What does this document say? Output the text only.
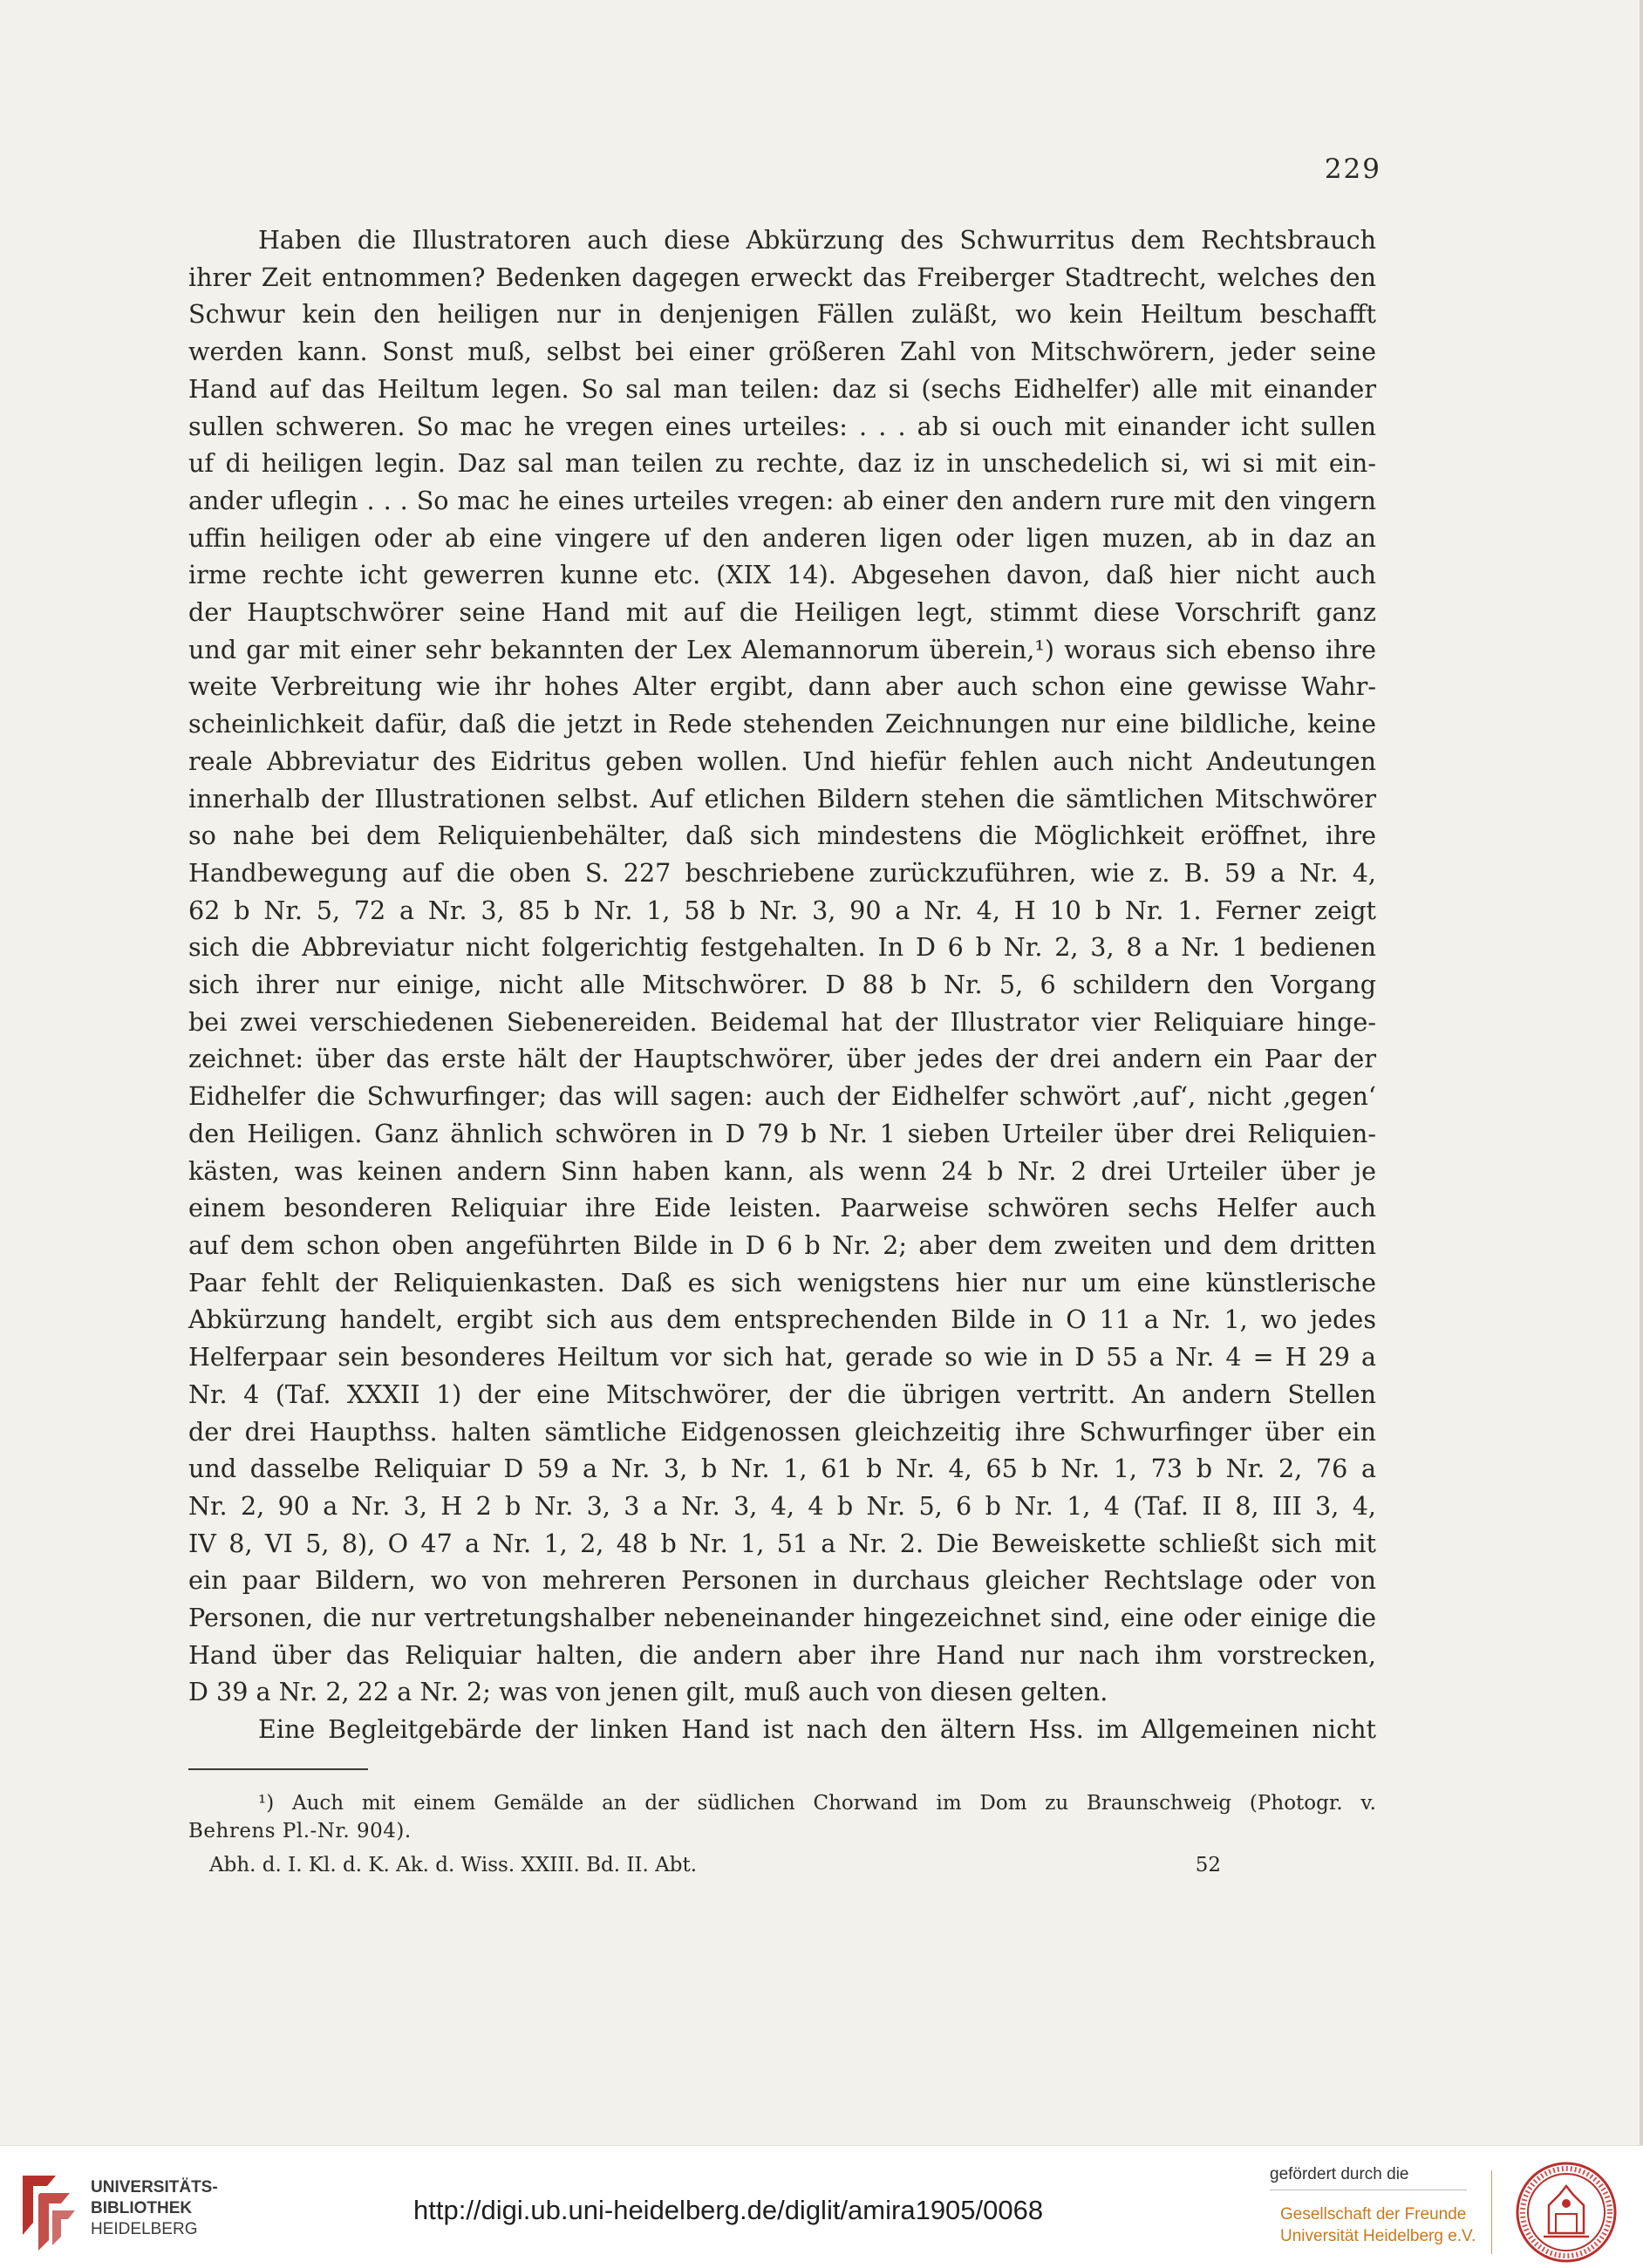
229

Haben die Illustratoren auch diese Abkürzung des Schwurritus dem Rechtsbrauch
ihrer Zeit entnommen? Bedenken dagegen erweckt das Freiberger Stadtrecht, welches den
Schwur kein den heiligen nur in denjenigen Fällen zuläßt, wo kein Heiltum beschafft
werden kann. Sonst muß, selbst bei einer größeren Zahl von Mitschwörern, jeder seine
Hand auf das Heiltum legen. So sal man teilen: daz si (sechs Eidhelfer) alle mit einander
sullen schweren. So mac he vregen eines urteiles: . . . ab si ouch mit einander icht sullen
uf di heiligen legin. Daz sal man teilen zu rechte, daz iz in unschedelich si, wi si mit ein-
ander uflegin . . . So mac he eines urteiles vregen: ab einer den andern rure mit den vingern
uffin heiligen oder ab eine vingere uf den anderen ligen oder ligen muzen, ab in daz an
irme rechte icht gewerren kunne etc. (XIX 14). Abgesehen davon, daß hier nicht auch
der Hauptschwörer seine Hand mit auf die Heiligen legt, stimmt diese Vorschrift ganz
und gar mit einer sehr bekannten der Lex Alemannorum überein,¹) woraus sich ebenso ihre
weite Verbreitung wie ihr hohes Alter ergibt, dann aber auch schon eine gewisse Wahr-
scheinlichkeit dafür, daß die jetzt in Rede stehenden Zeichnungen nur eine bildliche, keine
reale Abbreviatur des Eidritus geben wollen. Und hiefür fehlen auch nicht Andeutungen
innerhalb der Illustrationen selbst. Auf etlichen Bildern stehen die sämtlichen Mitschwörer
so nahe bei dem Reliquienbehälter, daß sich mindestens die Möglichkeit eröffnet, ihre
Handbewegung auf die oben S. 227 beschriebene zurückzuführen, wie z. B. 59 a Nr. 4,
62 b Nr. 5, 72 a Nr. 3, 85 b Nr. 1, 58 b Nr. 3, 90 a Nr. 4, H 10 b Nr. 1. Ferner zeigt
sich die Abbreviatur nicht folgerichtig festgehalten. In D 6 b Nr. 2, 3, 8 a Nr. 1 bedienen
sich ihrer nur einige, nicht alle Mitschwörer. D 88 b Nr. 5, 6 schildern den Vorgang
bei zwei verschiedenen Siebenereiden. Beidemal hat der Illustrator vier Reliquiare hinge-
zeichnet: über das erste hält der Hauptschwörer, über jedes der drei andern ein Paar der
Eidhelfer die Schwurfinger; das will sagen: auch der Eidhelfer schwört ‚auf‘, nicht ‚gegen‘
den Heiligen. Ganz ähnlich schwören in D 79 b Nr. 1 sieben Urteiler über drei Reliquien-
kästen, was keinen andern Sinn haben kann, als wenn 24 b Nr. 2 drei Urteiler über je
einem besonderen Reliquiar ihre Eide leisten. Paarweise schwören sechs Helfer auch
auf dem schon oben angeführten Bilde in D 6 b Nr. 2; aber dem zweiten und dem dritten
Paar fehlt der Reliquienkasten. Daß es sich wenigstens hier nur um eine künstlerische
Abkürzung handelt, ergibt sich aus dem entsprechenden Bilde in O 11 a Nr. 1, wo jedes
Helferpaar sein besonderes Heiltum vor sich hat, gerade so wie in D 55 a Nr. 4 = H 29 a
Nr. 4 (Taf. XXXII 1) der eine Mitschwörer, der die übrigen vertritt. An andern Stellen
der drei Haupthss. halten sämtliche Eidgenossen gleichzeitig ihre Schwurfinger über ein
und dasselbe Reliquiar D 59 a Nr. 3, b Nr. 1, 61 b Nr. 4, 65 b Nr. 1, 73 b Nr. 2, 76 a
Nr. 2, 90 a Nr. 3, H 2 b Nr. 3, 3 a Nr. 3, 4, 4 b Nr. 5, 6 b Nr. 1, 4 (Taf. II 8, III 3, 4,
IV 8, VI 5, 8), O 47 a Nr. 1, 2, 48 b Nr. 1, 51 a Nr. 2. Die Beweiskette schließt sich mit
ein paar Bildern, wo von mehreren Personen in durchaus gleicher Rechtslage oder von
Personen, die nur vertretungshalber nebeneinander hingezeichnet sind, eine oder einige die
Hand über das Reliquiar halten, die andern aber ihre Hand nur nach ihm vorstrecken,
D 39 a Nr. 2, 22 a Nr. 2; was von jenen gilt, muß auch von diesen gelten.

Eine Begleitgebärde der linken Hand ist nach den ältern Hss. im Allgemeinen nicht

¹) Auch mit einem Gemälde an der südlichen Chorwand im Dom zu Braunschweig (Photogr. v.
Behrens Pl.-Nr. 904).
Abh. d. I. Kl. d. K. Ak. d. Wiss. XXIII. Bd. II. Abt.	52
UNIVERSITÄTS-
BIBLIOTHEK
HEIDELBERG
http://digi.ub.uni-heidelberg.de/diglit/amira1905/0068
gefördert durch die
Gesellschaft der Freunde
Universität Heidelberg e.V.
